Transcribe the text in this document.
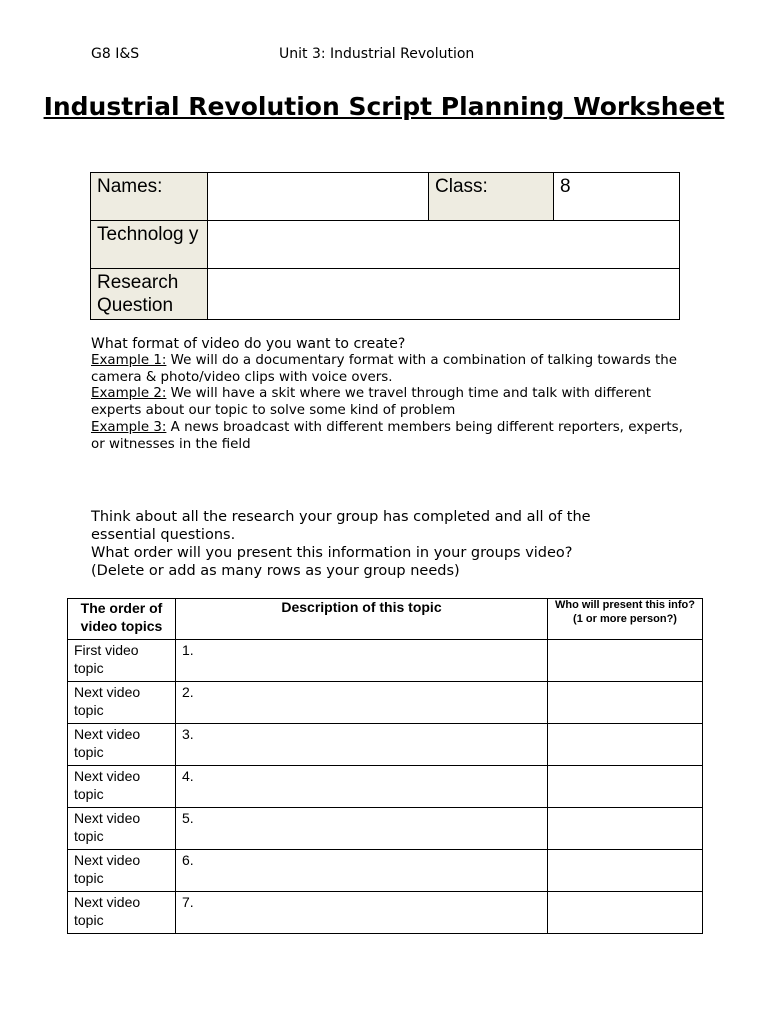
G8 I&S	Unit 3: Industrial Revolution
Industrial Revolution Script Planning Worksheet
Names:		Class:	8
Technolog y			
Research Question			
What format of video do you want to create?
Example 1: We will do a documentary format with a combination of talking towards the camera & photo/video clips with voice overs.
Example 2: We will have a skit where we travel through time and talk with different experts about our topic to solve some kind of problem
Example 3: A news broadcast with different members being different reporters, experts, or witnesses in the field
Think about all the research your group has completed and all of the essential questions.
What order will you present this information in your groups video?
(Delete or add as many rows as your group needs)
The order of video topics	Description of this topic	Who will present this info? (1 or more person?)
First video topic	1.	
Next video topic	2.	
Next video topic	3.	
Next video topic	4.	
Next video topic	5.	
Next video topic	6.	
Next video topic	7.	
